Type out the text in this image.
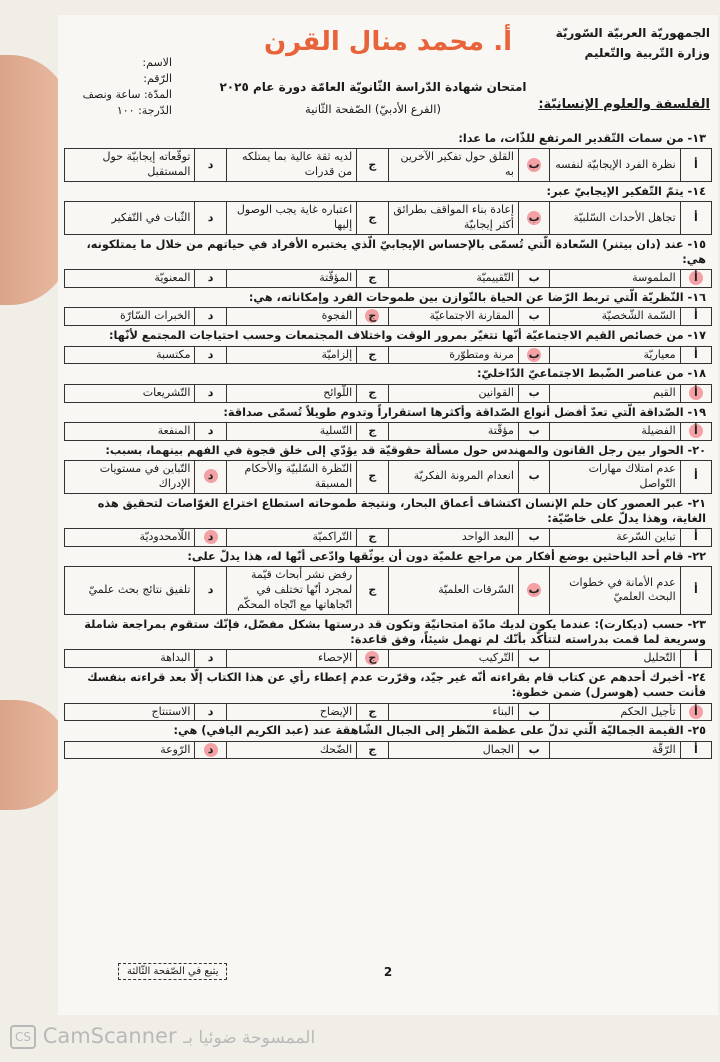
الجمهوريّة العربيّة السّوريّة
وزارة التّربية والتّعليم
أ. محمد منال القرن
امتحان شهادة الدّراسة الثّانويّة العامّة دورة عام ٢٠٢٥
(الفرع الأدبيّ) الصّفحة الثّانية
الاسم:
الرّقم:
المدّة: ساعة ونصف
الدّرجة: ١٠٠	الفلسفة والعلوم الإنسانيّة:
١٣- من سمات التّقدير المرتفع للذّات، ما عدا:
أ	نظرة الفرد الإيجابيّة لنفسه	ب	القلق حول تفكير الآخرين به	ج	لديه ثقة عالية بما يمتلكه من قدرات	د	توقّعاته إيجابيّة حول المستقبل
١٤- يتمّ التّفكير الإيجابيّ عبر:
أ	تجاهل الأحداث السّلبيّة	ب	إعادة بناء المواقف بطرائق أكثر إيجابيّة	ج	اعتباره غاية يجب الوصول إليها	د	الثّبات في التّفكير
١٥- عند (دان بيتنر) السّعادة الّتي تُسمّى بالإحساس الإيجابيّ الّذي يختبره الأفراد في حياتهم من خلال ما يمتلكونه، هي:
أ	الملموسة	ب	التّقييميّة	ج	المؤقّتة	د	المعنويّة
١٦- النّظريّة الّتي تربط الرّضا عن الحياة بالتّوازن بين طموحات الفرد وإمكاناته، هي:
أ	السّمة الشّخصيّة	ب	المقارنة الاجتماعيّة	ج	الفجوة	د	الخبرات السّارّة
١٧- من خصائص القيم الاجتماعيّة أنّها تتغيّر بمرور الوقت واختلاف المجتمعات وحسب احتياجات المجتمع لأنّها:
أ	معياريّة	ب	مرنة ومتطوّرة	ج	إلزاميّة	د	مكتسبة
١٨- من عناصر الضّبط الاجتماعيّ الدّاخليّ:
أ	القيم	ب	القوانين	ج	اللّوائح	د	التّشريعات
١٩- الصّداقة الّتي تعدّ أفضل أنواع الصّداقة وأكثرها استقراراً وتدوم طويلاً تُسمّى صداقة:
أ	الفضيلة	ب	مؤقّتة	ج	التّسلية	د	المنفعة
٢٠- الحوار بين رجل القانون والمهندس حول مسألة حقوقيّة قد يؤدّي إلى خلق فجوة في الفهم بينهما، بسبب:
أ	عدم امتلاك مهارات التّواصل	ب	انعدام المرونة الفكريّة	ج	النّظرة السّلبيّة والأحكام المسبقة	د	التّباين في مستويات الإدراك
٢١- عبر العصور كان حلم الإنسان اكتشاف أعماق البحار، ونتيجة طموحاته استطاع اختراع الغوّاصات لتحقيق هذه الغاية، وهذا يدلّ على خاصّيّة:
أ	تباين السّرعة	ب	البعد الواحد	ج	التّراكميّة	د	اللّامحدوديّة
٢٢- قام أحد الباحثين بوضع أفكار من مراجع علميّة دون أن يوثّقها وادّعى أنّها له، هذا يدلّ على:
أ	عدم الأمانة في خطوات البحث العلميّ	ب	السّرقات العلميّة	ج	رفض نشر أبحاث قيّمة لمجرد أنّها تختلف في اتّجاهاتها مع اتّجاه المحكّم	د	تلفيق نتائج بحث علميّ
٢٣- حسب (ديكارت): عندما يكون لديك مادّة امتحانيّة وتكون قد درستها بشكل مفصّل، فإنّك ستقوم بمراجعة شاملة وسريعة لما قمت بدراسته لتتأكّد بأنّك لم تهمل شيئاً، وفق قاعدة:
أ	التّحليل	ب	التّركيب	ج	الإحصاء	د	البداهة
٢٤- أخبرك أحدهم عن كتاب قام بقراءته أنّه غير جيّد، وقرّرت عدم إعطاء رأي عن هذا الكتاب إلّا بعد قراءته بنفسك فأنت حسب (هوسرل) ضمن خطوة:
أ	تأجيل الحكم	ب	البناء	ج	الإيضاح	د	الاستنتاج
٢٥- القيمة الجماليّة الّتي تدلّ على عظمة النّظر إلى الجبال الشّاهقة عند (عبد الكريم اليافي) هي:
أ	الرّقّة	ب	الجمال	ج	الضّحك	د	الرّوعة
يتبع في الصّفحة الثّالثة	2
CS CamScanner الممسوحة ضوئيا بـ
